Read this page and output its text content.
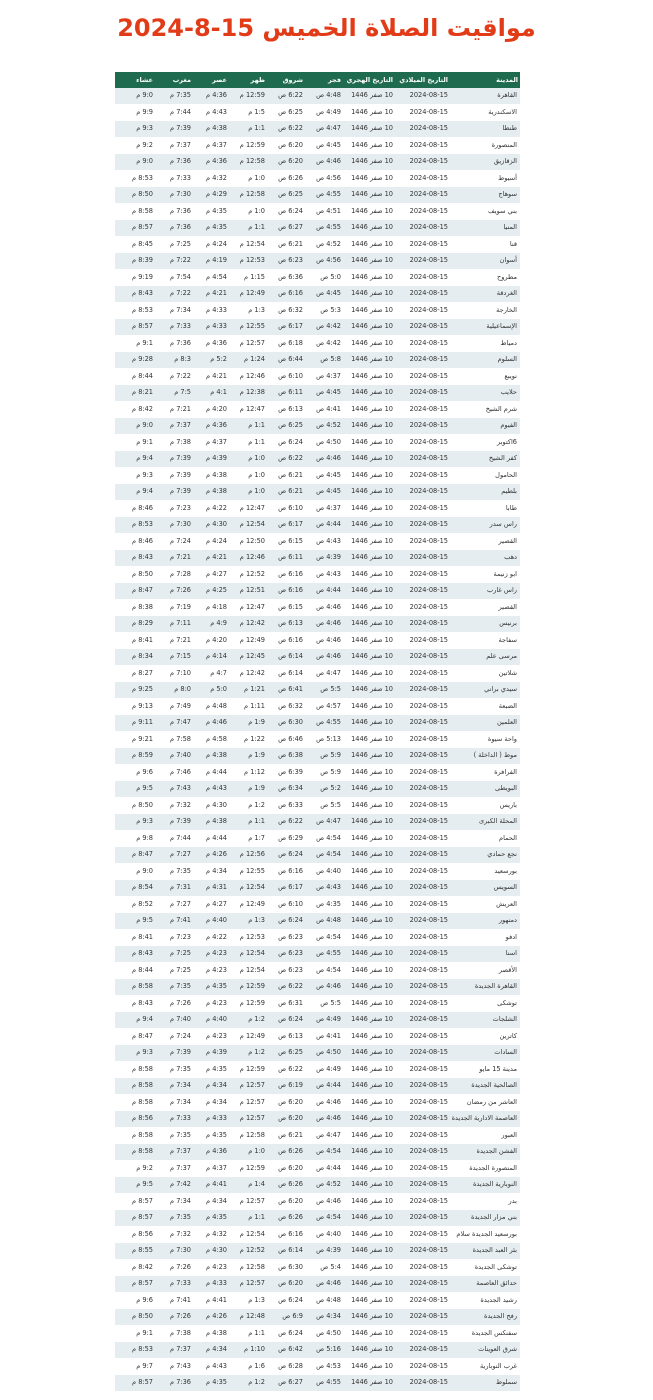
مواقيت الصلاة الخميس 15-8-2024
المدينة	التاريخ الميلادي	التاريخ الهجري	فجر	شروق	ظهر	عصر	مغرب	عشاء
القاهرة	2024-08-15	10 صفر 1446	4:48 ص	6:22 ص	12:59 م	4:36 م	7:35 م	9:0 م
الاسكندرية	2024-08-15	10 صفر 1446	4:49 ص	6:25 ص	1:5 م	4:43 م	7:44 م	9:9 م
طنطا	2024-08-15	10 صفر 1446	4:47 ص	6:22 ص	1:1 م	4:38 م	7:39 م	9:3 م
المنصورة	2024-08-15	10 صفر 1446	4:45 ص	6:20 ص	12:59 م	4:37 م	7:37 م	9:2 م
الزقازيق	2024-08-15	10 صفر 1446	4:46 ص	6:20 ص	12:58 م	4:36 م	7:36 م	9:0 م
أسيوط	2024-08-15	10 صفر 1446	4:56 ص	6:26 ص	1:0 م	4:32 م	7:33 م	8:53 م
سوهاج	2024-08-15	10 صفر 1446	4:55 ص	6:25 ص	12:58 م	4:29 م	7:30 م	8:50 م
بني سويف	2024-08-15	10 صفر 1446	4:51 ص	6:24 ص	1:0 م	4:35 م	7:36 م	8:58 م
المنيا	2024-08-15	10 صفر 1446	4:55 ص	6:27 ص	1:1 م	4:35 م	7:36 م	8:57 م
قنا	2024-08-15	10 صفر 1446	4:52 ص	6:21 ص	12:54 م	4:24 م	7:25 م	8:45 م
أسوان	2024-08-15	10 صفر 1446	4:56 ص	6:23 ص	12:53 م	4:19 م	7:22 م	8:39 م
مطروح	2024-08-15	10 صفر 1446	5:0 ص	6:36 ص	1:15 م	4:54 م	7:54 م	9:19 م
الغردقة	2024-08-15	10 صفر 1446	4:45 ص	6:16 ص	12:49 م	4:21 م	7:22 م	8:43 م
الخارجة	2024-08-15	10 صفر 1446	5:3 ص	6:32 ص	1:3 م	4:33 م	7:34 م	8:53 م
الإسماعيلية	2024-08-15	10 صفر 1446	4:42 ص	6:17 ص	12:55 م	4:33 م	7:33 م	8:57 م
دمياط	2024-08-15	10 صفر 1446	4:42 ص	6:18 ص	12:57 م	4:36 م	7:36 م	9:1 م
السلوم	2024-08-15	10 صفر 1446	5:8 ص	6:44 ص	1:24 م	5:2 م	8:3 م	9:28 م
نويبع	2024-08-15	10 صفر 1446	4:37 ص	6:10 ص	12:46 م	4:21 م	7:22 م	8:44 م
حلايب	2024-08-15	10 صفر 1446	4:45 ص	6:11 ص	12:38 م	4:1 م	7:5 م	8:21 م
شرم الشيخ	2024-08-15	10 صفر 1446	4:41 ص	6:13 ص	12:47 م	4:20 م	7:21 م	8:42 م
الفيوم	2024-08-15	10 صفر 1446	4:52 ص	6:25 ص	1:1 م	4:36 م	7:37 م	9:0 م
6اكتوبر	2024-08-15	10 صفر 1446	4:50 ص	6:24 ص	1:1 م	4:37 م	7:38 م	9:1 م
كفر الشيخ	2024-08-15	10 صفر 1446	4:46 ص	6:22 ص	1:0 م	4:39 م	7:39 م	9:4 م
الحامول	2024-08-15	10 صفر 1446	4:45 ص	6:21 ص	1:0 م	4:38 م	7:39 م	9:3 م
بلطيم	2024-08-15	10 صفر 1446	4:45 ص	6:21 ص	1:0 م	4:38 م	7:39 م	9:4 م
طابا	2024-08-15	10 صفر 1446	4:37 ص	6:10 ص	12:47 م	4:22 م	7:23 م	8:46 م
راس سدر	2024-08-15	10 صفر 1446	4:44 ص	6:17 ص	12:54 م	4:30 م	7:30 م	8:53 م
القصير	2024-08-15	10 صفر 1446	4:43 ص	6:15 ص	12:50 م	4:24 م	7:24 م	8:46 م
دهب	2024-08-15	10 صفر 1446	4:39 ص	6:11 ص	12:46 م	4:21 م	7:21 م	8:43 م
ابو زنيمة	2024-08-15	10 صفر 1446	4:43 ص	6:16 ص	12:52 م	4:27 م	7:28 م	8:50 م
راس غارب	2024-08-15	10 صفر 1446	4:44 ص	6:16 ص	12:51 م	4:25 م	7:26 م	8:47 م
القصير	2024-08-15	10 صفر 1446	4:46 ص	6:15 ص	12:47 م	4:18 م	7:19 م	8:38 م
برنيس	2024-08-15	10 صفر 1446	4:46 ص	6:13 ص	12:42 م	4:9 م	7:11 م	8:29 م
سفاجة	2024-08-15	10 صفر 1446	4:46 ص	6:16 ص	12:49 م	4:20 م	7:21 م	8:41 م
مرسى علم	2024-08-15	10 صفر 1446	4:46 ص	6:14 ص	12:45 م	4:14 م	7:15 م	8:34 م
شلاتين	2024-08-15	10 صفر 1446	4:47 ص	6:14 ص	12:42 م	4:7 م	7:10 م	8:27 م
سيدي براني	2024-08-15	10 صفر 1446	5:5 ص	6:41 ص	1:21 م	5:0 م	8:0 م	9:25 م
الضبعة	2024-08-15	10 صفر 1446	4:57 ص	6:32 ص	1:11 م	4:48 م	7:49 م	9:13 م
العلمين	2024-08-15	10 صفر 1446	4:55 ص	6:30 ص	1:9 م	4:46 م	7:47 م	9:11 م
واحة سيوة	2024-08-15	10 صفر 1446	5:13 ص	6:46 ص	1:22 م	4:58 م	7:58 م	9:21 م
موط ( الداخلة )	2024-08-15	10 صفر 1446	5:9 ص	6:38 ص	1:9 م	4:38 م	7:40 م	8:59 م
الفرافرة	2024-08-15	10 صفر 1446	5:9 ص	6:39 ص	1:12 م	4:44 م	7:46 م	9:6 م
البويطى	2024-08-15	10 صفر 1446	5:2 ص	6:34 ص	1:9 م	4:43 م	7:43 م	9:5 م
باريس	2024-08-15	10 صفر 1446	5:5 ص	6:33 ص	1:2 م	4:30 م	7:32 م	8:50 م
المحلة الكبرى	2024-08-15	10 صفر 1446	4:47 ص	6:22 ص	1:1 م	4:38 م	7:39 م	9:3 م
الحمام	2024-08-15	10 صفر 1446	4:54 ص	6:29 ص	1:7 م	4:44 م	7:44 م	9:8 م
نجع حمادي	2024-08-15	10 صفر 1446	4:54 ص	6:24 ص	12:56 م	4:26 م	7:27 م	8:47 م
بورسعيد	2024-08-15	10 صفر 1446	4:40 ص	6:16 ص	12:55 م	4:34 م	7:35 م	9:0 م
السويس	2024-08-15	10 صفر 1446	4:43 ص	6:17 ص	12:54 م	4:31 م	7:31 م	8:54 م
العريش	2024-08-15	10 صفر 1446	4:35 ص	6:10 ص	12:49 م	4:27 م	7:27 م	8:52 م
دمنهور	2024-08-15	10 صفر 1446	4:48 ص	6:24 ص	1:3 م	4:40 م	7:41 م	9:5 م
ادفو	2024-08-15	10 صفر 1446	4:54 ص	6:23 ص	12:53 م	4:22 م	7:23 م	8:41 م
اسنا	2024-08-15	10 صفر 1446	4:55 ص	6:23 ص	12:54 م	4:23 م	7:25 م	8:43 م
الأقصر	2024-08-15	10 صفر 1446	4:54 ص	6:23 ص	12:54 م	4:23 م	7:25 م	8:44 م
القاهرة الجديدة	2024-08-15	10 صفر 1446	4:46 ص	6:22 ص	12:59 م	4:35 م	7:35 م	8:58 م
توشكى	2024-08-15	10 صفر 1446	5:5 ص	6:31 ص	12:59 م	4:23 م	7:26 م	8:43 م
الشلجات	2024-08-15	10 صفر 1446	4:49 ص	6:24 ص	1:2 م	4:40 م	7:40 م	9:4 م
كاترين	2024-08-15	10 صفر 1446	4:41 ص	6:13 ص	12:49 م	4:23 م	7:24 م	8:47 م
السادات	2024-08-15	10 صفر 1446	4:50 ص	6:25 ص	1:2 م	4:39 م	7:39 م	9:3 م
مدينة 15 مايو	2024-08-15	10 صفر 1446	4:49 ص	6:22 ص	12:59 م	4:35 م	7:35 م	8:58 م
الصالحية الجديدة	2024-08-15	10 صفر 1446	4:44 ص	6:19 ص	12:57 م	4:34 م	7:34 م	8:58 م
العاشر من رمضان	2024-08-15	10 صفر 1446	4:46 ص	6:20 ص	12:57 م	4:34 م	7:34 م	8:58 م
العاصمة الادارية الجديدة	2024-08-15	10 صفر 1446	4:46 ص	6:20 ص	12:57 م	4:33 م	7:33 م	8:56 م
العبور	2024-08-15	10 صفر 1446	4:47 ص	6:21 ص	12:58 م	4:35 م	7:35 م	8:58 م
الفشن الجديدة	2024-08-15	10 صفر 1446	4:54 ص	6:26 ص	1:0 م	4:36 م	7:37 م	8:58 م
المنصورة الجديدة	2024-08-15	10 صفر 1446	4:44 ص	6:20 ص	12:59 م	4:37 م	7:37 م	9:2 م
النوبارية الجديدة	2024-08-15	10 صفر 1446	4:52 ص	6:26 ص	1:4 م	4:41 م	7:42 م	9:5 م
بدر	2024-08-15	10 صفر 1446	4:46 ص	6:20 ص	12:57 م	4:34 م	7:34 م	8:57 م
بني مزار الجديدة	2024-08-15	10 صفر 1446	4:54 ص	6:26 ص	1:1 م	4:35 م	7:35 م	8:57 م
بورسعيد الجديدة سلام	2024-08-15	10 صفر 1446	4:40 ص	6:16 ص	12:54 م	4:32 م	7:32 م	8:56 م
بئر العبد الجديدة	2024-08-15	10 صفر 1446	4:39 ص	6:14 ص	12:52 م	4:30 م	7:30 م	8:55 م
توشكى الجديدة	2024-08-15	10 صفر 1446	5:4 ص	6:30 ص	12:58 م	4:23 م	7:26 م	8:42 م
حدائق العاصمة	2024-08-15	10 صفر 1446	4:46 ص	6:20 ص	12:57 م	4:33 م	7:33 م	8:57 م
رشيد الجديدة	2024-08-15	10 صفر 1446	4:48 ص	6:24 ص	1:3 م	4:41 م	7:41 م	9:6 م
رفح الجديدة	2024-08-15	10 صفر 1446	4:34 ص	6:9 ص	12:48 م	4:26 م	7:26 م	8:50 م
سفنكس الجديدة	2024-08-15	10 صفر 1446	4:50 ص	6:24 ص	1:1 م	4:38 م	7:38 م	9:1 م
شرق العوينات	2024-08-15	10 صفر 1446	5:16 ص	6:42 ص	1:10 م	4:34 م	7:37 م	8:53 م
غرب النوبارية	2024-08-15	10 صفر 1446	4:53 ص	6:28 ص	1:6 م	4:43 م	7:43 م	9:7 م
سملوط	2024-08-15	10 صفر 1446	4:55 ص	6:27 ص	1:2 م	4:35 م	7:36 م	8:57 م
